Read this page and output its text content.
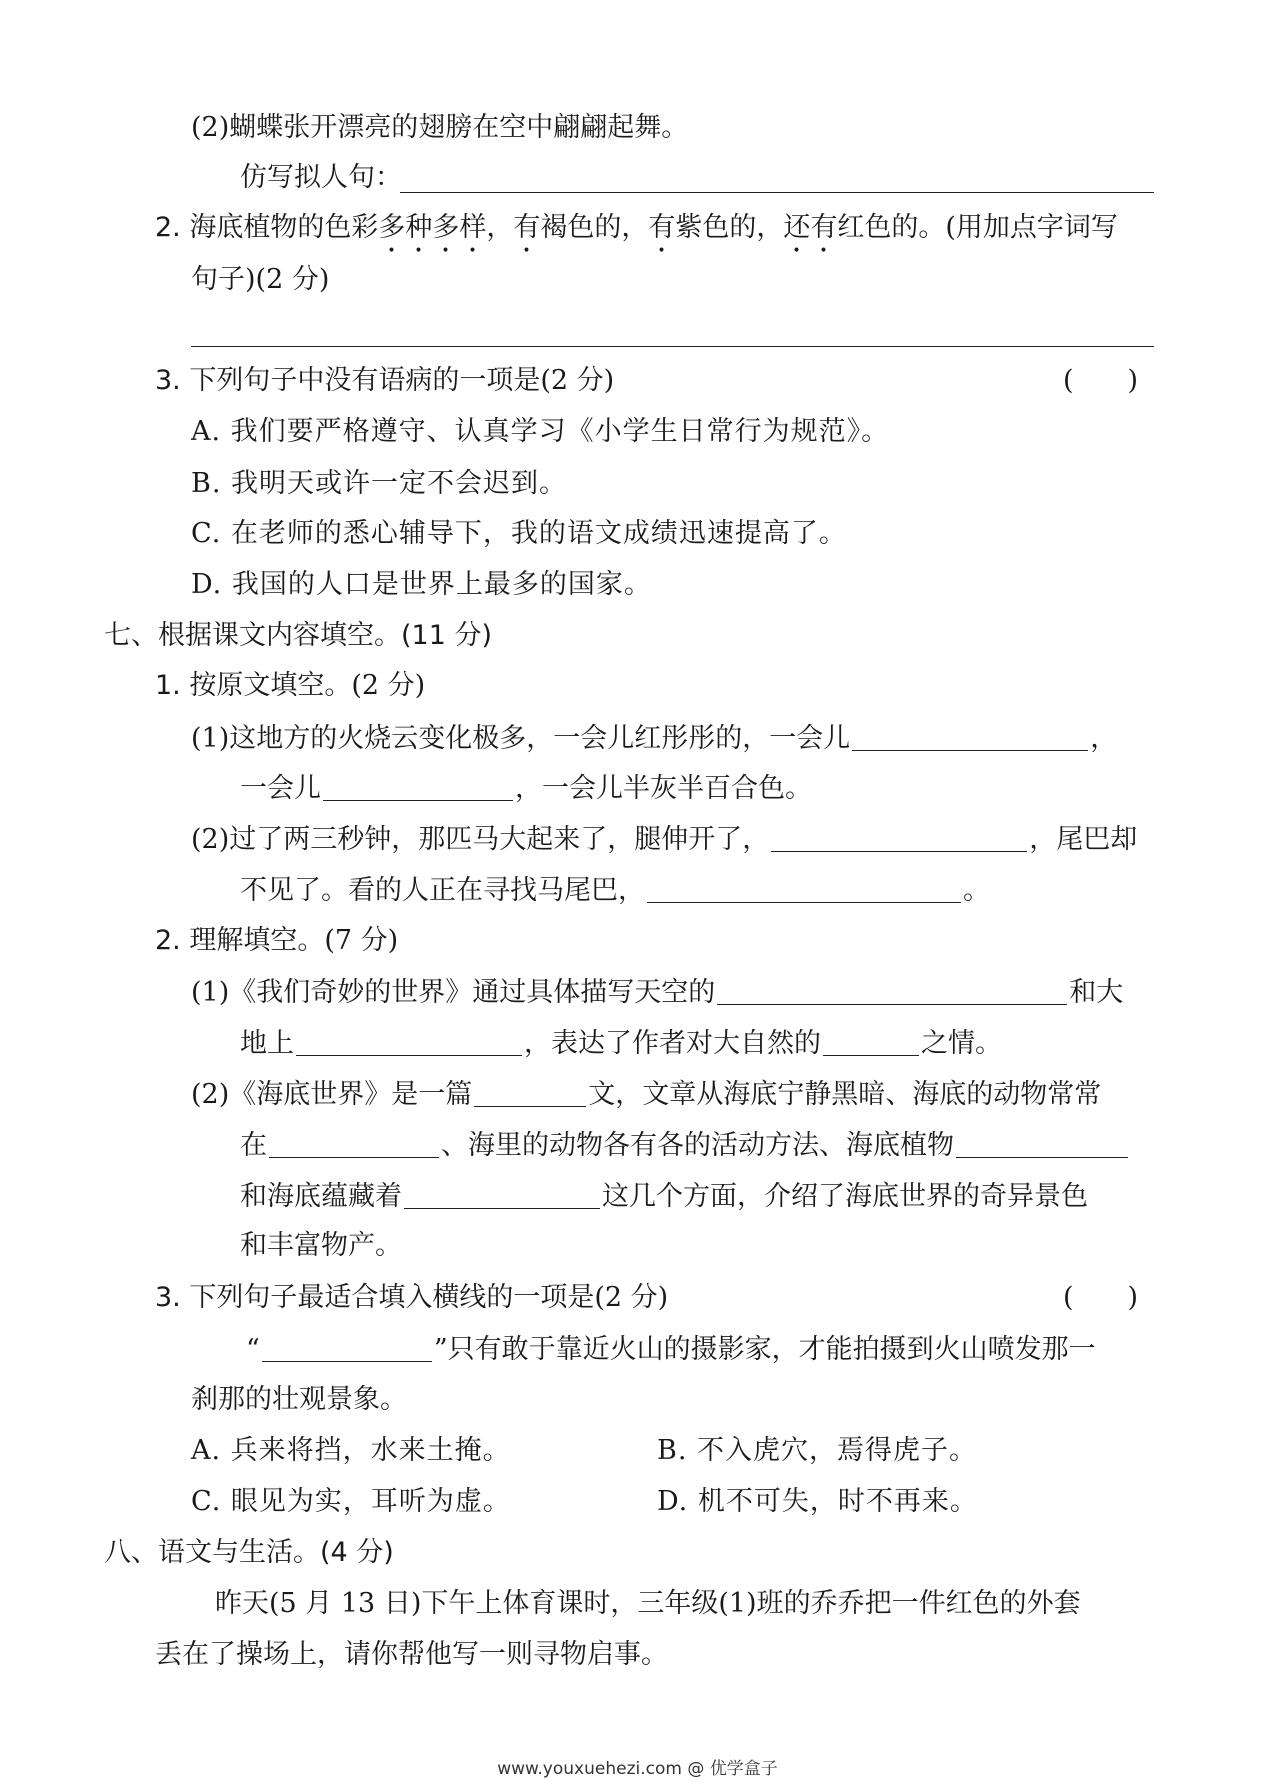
(2)蝴蝶张开漂亮的翅膀在空中翩翩起舞。
仿写拟人句：
2. 海底植物的色彩多种多样，有褐色的，有紫色的，还有红色的。(用加点字词写
句子)(2 分)
3. 下列句子中没有语病的一项是(2 分)	(　　)
A. 我们要严格遵守、认真学习《小学生日常行为规范》。
B. 我明天或许一定不会迟到。
C. 在老师的悉心辅导下，我的语文成绩迅速提高了。
D. 我国的人口是世界上最多的国家。
七、根据课文内容填空。(11 分)
1. 按原文填空。(2 分)
(1)这地方的火烧云变化极多，一会儿红彤彤的，一会儿	，
一会儿	，一会儿半灰半百合色。
(2)过了两三秒钟，那匹马大起来了，腿伸开了，	，尾巴却
不见了。看的人正在寻找马尾巴，	。
2. 理解填空。(7 分)
(1)《我们奇妙的世界》通过具体描写天空的	和大
地上	，表达了作者对大自然的	之情。
(2)《海底世界》是一篇	文，文章从海底宁静黑暗、海底的动物常常
在	、海里的动物各有各的活动方法、海底植物
和海底蕴藏着	这几个方面，介绍了海底世界的奇异景色
和丰富物产。
3. 下列句子最适合填入横线的一项是(2 分)	(　　)
“	”只有敢于靠近火山的摄影家，才能拍摄到火山喷发那一
刹那的壮观景象。
A. 兵来将挡，水来土掩。	B. 不入虎穴，焉得虎子。
C. 眼见为实，耳听为虚。	D. 机不可失，时不再来。
八、语文与生活。(4 分)
昨天(5 月 13 日)下午上体育课时，三年级(1)班的乔乔把一件红色的外套
丢在了操场上，请你帮他写一则寻物启事。
www.youxuehezi.com @ 优学盒子
